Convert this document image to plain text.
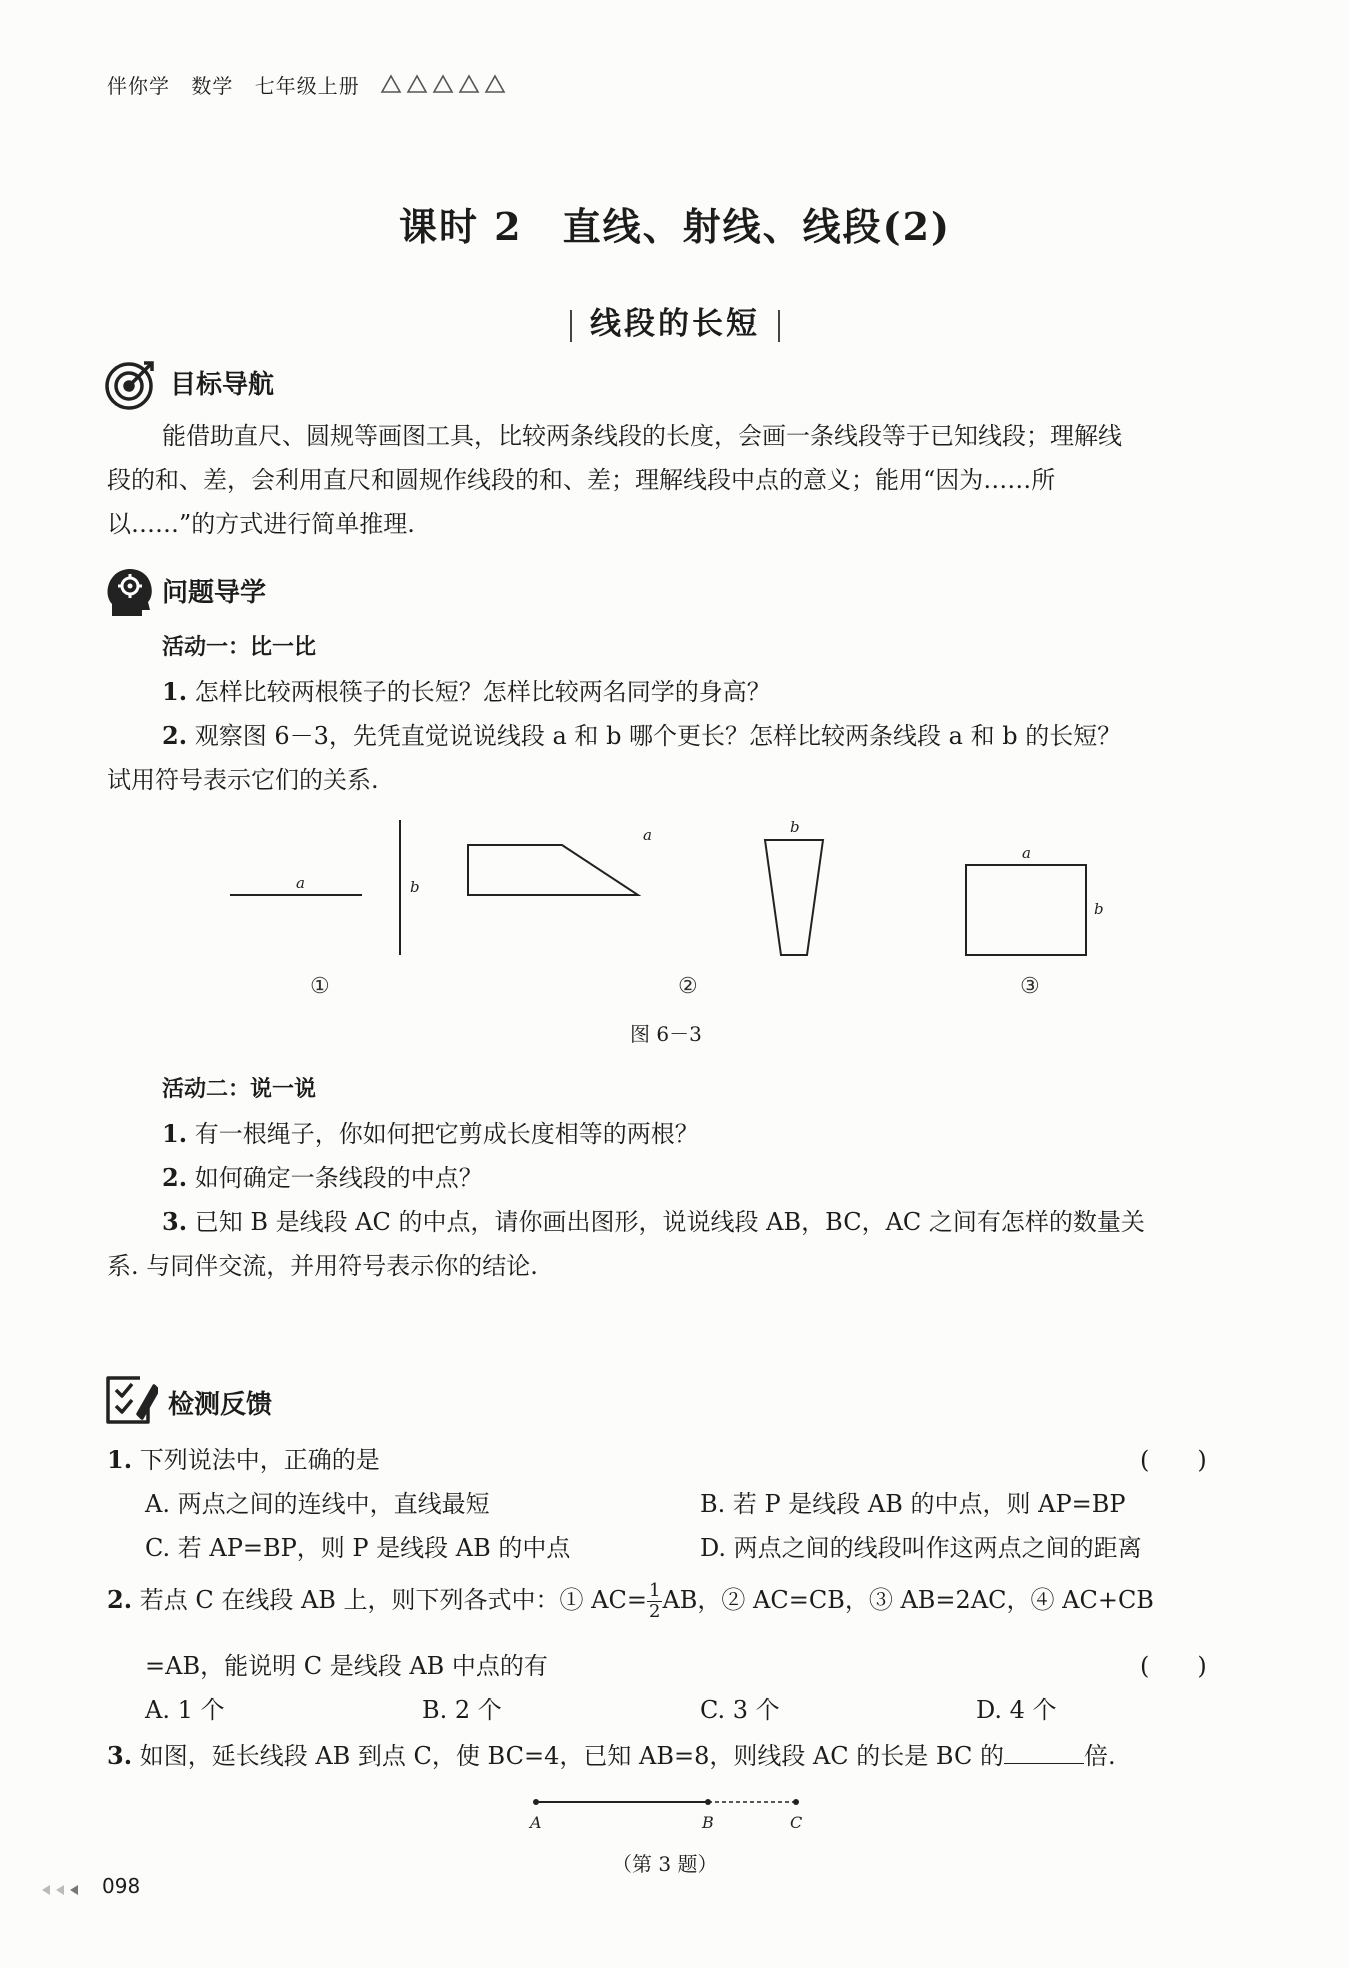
伴你学 数学 七年级上册
课时 2　直线、射线、线段(2)
线段的长短
目标导航
能借助直尺、圆规等画图工具，比较两条线段的长度，会画一条线段等于已知线段；理解线
段的和、差，会利用直尺和圆规作线段的和、差；理解线段中点的意义；能用“因为……所
以……”的方式进行简单推理.
问题导学
活动一：比一比
1. 怎样比较两根筷子的长短？怎样比较两名同学的身高？
2. 观察图 6－3，先凭直觉说说线段 a 和 b 哪个更长？怎样比较两条线段 a 和 b 的长短？
试用符号表示它们的关系.
a	b
a	b
a
b
①	②	③
图 6－3
活动二：说一说
1. 有一根绳子，你如何把它剪成长度相等的两根？
2. 如何确定一条线段的中点？
3. 已知 B 是线段 AC 的中点，请你画出图形，说说线段 AB，BC，AC 之间有怎样的数量关
系. 与同伴交流，并用符号表示你的结论.
检测反馈
1. 下列说法中，正确的是	(　　)
A. 两点之间的连线中，直线最短	B. 若 P 是线段 AB 的中点，则 AP=BP
C. 若 AP=BP，则 P 是线段 AB 的中点	D. 两点之间的线段叫作这两点之间的距离
2. 若点 C 在线段 AB 上，则下列各式中：① $AC= \frac{1}{2}$ AB，② AC=CB，③ AB=2AC，④ AC+CB
=AB，能说明 C 是线段 AB 中点的有	(　　)
A. 1 个	B. 2 个	C. 3 个	D. 4 个
3. 如图，延长线段 AB 到点 C，使 BC=4，已知 AB=8，则线段 AC 的长是 BC 的	倍.
A	B	C
（第 3 题）
098
